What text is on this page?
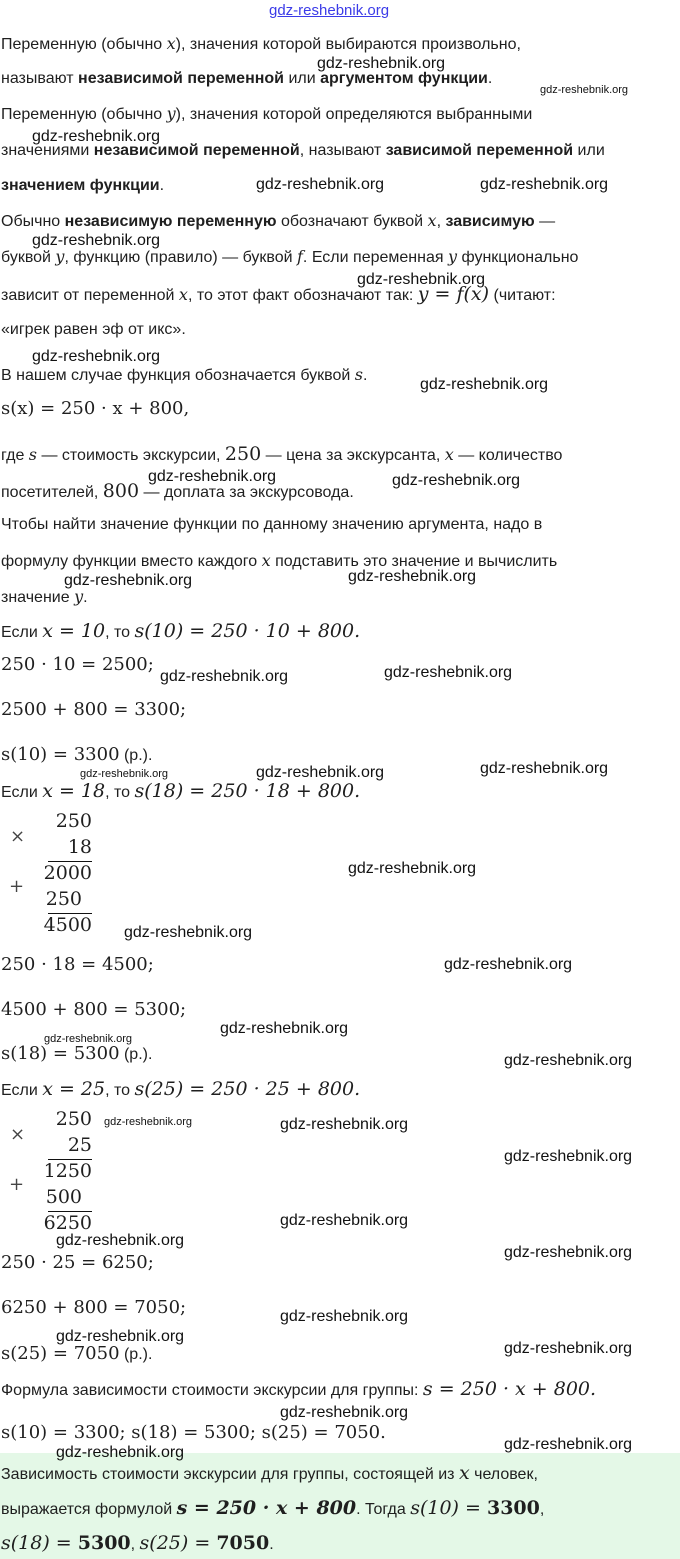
gdz-reshebnik.org
Переменную (обычно x), значения которой выбираются произвольно,
называют независимой переменной или аргументом функции.
Переменную (обычно y), значения которой определяются выбранными
значениями независимой переменной, называют зависимой переменной или
значением функции.
Обычно независимую переменную обозначают буквой x, зависимую —
буквой y, функцию (правило) — буквой f. Если переменная y функционально
зависит от переменной x, то этот факт обозначают так: y = f(x) (читают:
«игрек равен эф от икс».
В нашем случае функция обозначается буквой s.
s(x) = 250 · x + 800,
где s — стоимость экскурсии, 250 — цена за экскурсанта, x — количество
посетителей, 800 — доплата за экскурсовода.
Чтобы найти значение функции по данному значению аргумента, надо в
формулу функции вместо каждого x подставить это значение и вычислить
значение y.
Если x = 10, то s(10) = 250 · 10 + 800.
250 · 10 = 2500;
2500 + 800 = 3300;
s(10) = 3300 (р.).
Если x = 18, то s(18) = 250 · 18 + 800.
×
250
18
2000
+
250
4500
250 · 18 = 4500;
4500 + 800 = 5300;
s(18) = 5300 (р.).
Если x = 25, то s(25) = 250 · 25 + 800.
×
250
25
1250
+
500
6250
250 · 25 = 6250;
6250 + 800 = 7050;
s(25) = 7050 (р.).
Формула зависимости стоимости экскурсии для группы: s = 250 · x + 800.
s(10) = 3300; s(18) = 5300; s(25) = 7050.
Зависимость стоимости экскурсии для группы, состоящей из x человек,
выражается формулой s = 250 · x + 800. Тогда s(10) = 3300,
s(18) = 5300, s(25) = 7050.
gdz-reshebnik.org
gdz-reshebnik.org
gdz-reshebnik.org
gdz-reshebnik.org	gdz-reshebnik.org
gdz-reshebnik.org
gdz-reshebnik.org
gdz-reshebnik.org
gdz-reshebnik.org
gdz-reshebnik.org	gdz-reshebnik.org
gdz-reshebnik.org	gdz-reshebnik.org
gdz-reshebnik.org	gdz-reshebnik.org
gdz-reshebnik.org	gdz-reshebnik.org	gdz-reshebnik.org
gdz-reshebnik.org
gdz-reshebnik.org
gdz-reshebnik.org
gdz-reshebnik.org
gdz-reshebnik.org
gdz-reshebnik.org
gdz-reshebnik.org	gdz-reshebnik.org
gdz-reshebnik.org
gdz-reshebnik.org
gdz-reshebnik.org
gdz-reshebnik.org
gdz-reshebnik.org
gdz-reshebnik.org
gdz-reshebnik.org
gdz-reshebnik.org
gdz-reshebnik.org
gdz-reshebnik.org
